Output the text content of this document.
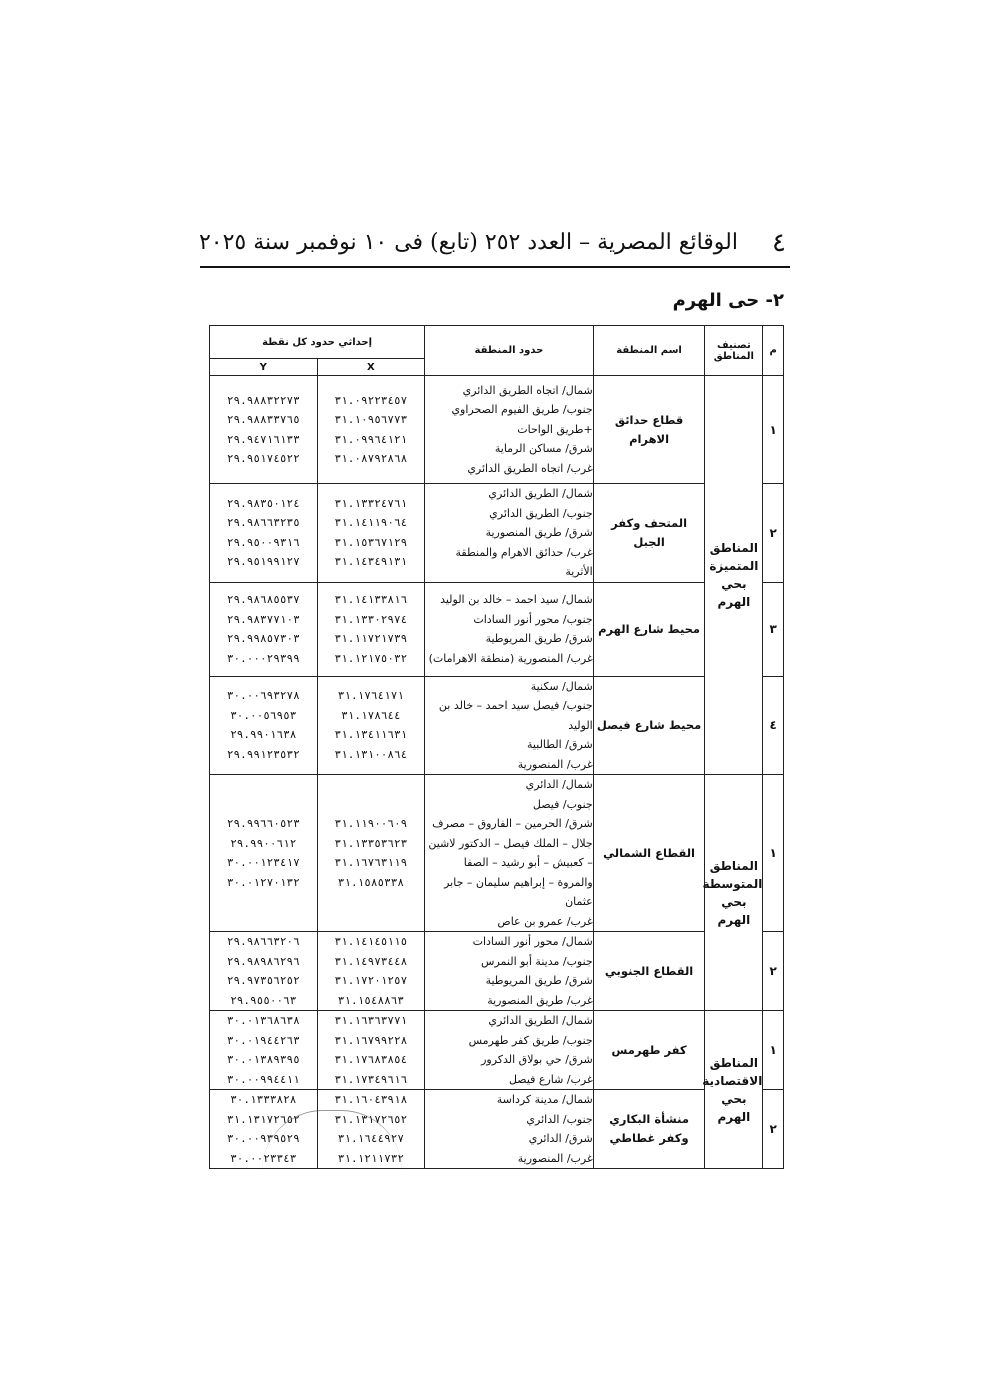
٤
الوقائع المصرية – العدد ٢٥٢ (تابع) فى ١٠ نوفمبر سنة ٢٠٢٥
٢- حى الهرم
م	تصنيف المناطق	اسم المنطقة	حدود المنطقة	إحداثي حدود كل نقطة	
				X	Y
١	المناطق المتميزة بحي الهرم	قطاع حدائق الاهرام	شمال/ اتجاه الطريق الدائري
جنوب/ طريق الفيوم الصحراوي
+طريق الواحات
شرق/ مساكن الرماية
غرب/ اتجاه الطريق الدائري	٣١.٠٩٢٢٣٤٥٧
٣١.١٠٩٥٦٧٧٣
٣١.٠٩٩٦٤١٢١
٣١.٠٨٧٩٢٨٦٨	٢٩.٩٨٨٣٢٢٧٣
٢٩.٩٨٨٣٣٧٦٥
٢٩.٩٤٧١٦١٣٣
٢٩.٩٥١٧٤٥٢٢

٢		المتحف وكفر الجبل	شمال/ الطريق الدائري
جنوب/ الطريق الدائري
شرق/ طريق المنصورية
غرب/ حدائق الاهرام والمنطقة الأثرية	٣١.١٣٣٢٤٧٦١
٣١.١٤١١٩٠٦٤
٣١.١٥٣٦٧١٢٩
٣١.١٤٣٤٩١٣١	٢٩.٩٨٣٥٠١٢٤
٢٩.٩٨٦٦٣٢٣٥
٢٩.٩٥٠٠٩٣١٦
٢٩.٩٥١٩٩١٢٧

٣		محيط شارع الهرم	شمال/ سيد احمد – خالد بن الوليد
جنوب/ محور أنور السادات
شرق/ طريق المريوطية
غرب/ المنصورية (منطقة الاهرامات)	٣١.١٤١٣٣٨١٦
٣١.١٣٣٠٢٩٧٤
٣١.١١٧٢١٧٣٩
٣١.١٢١٧٥٠٣٢	٢٩.٩٨٦٨٥٥٣٧
٢٩.٩٨٣٧٧١٠٣
٢٩.٩٩٨٥٧٣٠٣
٣٠.٠٠٠٢٩٣٩٩

٤		محيط شارع فيصل	شمال/ سكنية
جنوب/ فيصل سيد احمد – خالد بن الوليد
شرق/ الطالبية
غرب/ المنصورية	٣١.١٧٦٤١٧١
٣١.١٧٨٦٤٤
٣١.١٣٤١١٦٣١
٣١.١٣١٠٠٨٦٤	٣٠.٠٠٦٩٣٢٧٨
٣٠.٠٠٥٦٩٥٣
٢٩.٩٩٠١٦٣٨
٢٩.٩٩١٢٣٥٣٢

١	المناطق المتوسطة بحي الهرم	القطاع الشمالي	شمال/ الدائري
جنوب/ فيصل
شرق/ الحرمين – الفاروق – مصرف جلال – الملك فيصل – الدكتور لاشين – كعبيش – أبو رشيد – الصفا والمروة – إبراهيم سليمان – جابر عثمان
غرب/ عمرو بن عاص	٣١.١١٩٠٠٦٠٩
٣١.١٣٣٥٣٦٢٣
٣١.١٦٧٦٣١١٩
٣١.١٥٨٥٣٣٨	٢٩.٩٩٦٦٠٥٢٣
٢٩.٩٩٠٠٦١٢
٣٠.٠٠١٢٣٤١٧
٣٠.٠١٢٧٠١٣٢

٢		القطاع الجنوبي	شمال/ محور أنور السادات
جنوب/ مدينة أبو النمرس
شرق/ طريق المريوطية
غرب/ طريق المنصورية	٣١.١٤١٤٥١١٥
٣١.١٤٩٧٣٤٤٨
٣١.١٧٢٠١٢٥٧
٣١.١٥٤٨٨٦٣	٢٩.٩٨٦٦٣٢٠٦
٢٩.٩٨٩٨٦٢٩٦
٢٩.٩٧٣٥٦٢٥٢
٢٩.٩٥٥٠٠٦٣

١	المناطق الاقتصادية بحي الهرم	كفر طهرمس	شمال/ الطريق الدائري
جنوب/ طريق كفر طهرمس
شرق/ حي بولاق الدكرور
غرب/ شارع فيصل	٣١.١٦٣٦٣٧٧١
٣١.١٦٧٩٩٢٢٨
٣١.١٧٦٨٣٨٥٤
٣١.١٧٣٤٩٦١٦	٣٠.٠١٣٦٨٦٣٨
٣٠.٠١٩٤٤٢٦٣
٣٠.٠١٣٨٩٣٩٥
٣٠.٠٠٩٩٤٤١١

٢		منشأة البكاري وكفر غطاطي	شمال/ مدينة كرداسة
جنوب/ الدائري
شرق/ الدائري
غرب/ المنصورية	٣١.١٦٠٤٣٩١٨
٣١.١٣١٧٢٦٥٢
٣١.١٦٤٤٩٢٧
٣١.١٢١١٧٣٢	٣٠.١٣٣٣٨٢٨
٣١.١٣١٧٢٦٥٢
٣٠.٠٠٩٣٩٥٢٩
٣٠.٠٠٢٣٣٤٣
